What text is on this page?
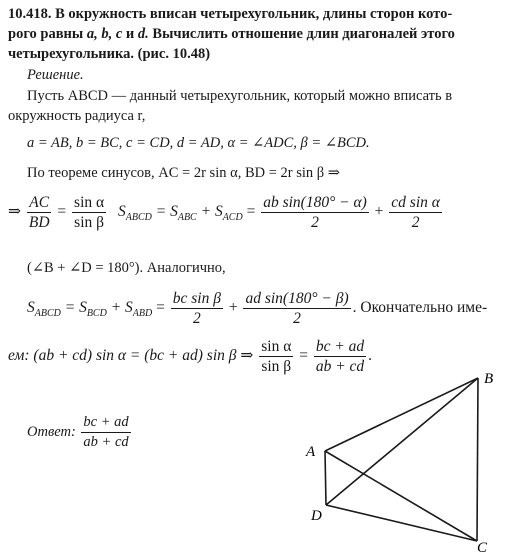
10.418. В окружность вписан четырехугольник, длины сторон кото-
рого равны a, b, c и d. Вычислить отношение длин диагоналей этого
четырехугольника. (рис. 10.48)
Решение.
Пусть ABCD — данный четырехугольник, который можно вписать в
окружность радиуса r,
a = AB, b = BC, c = CD, d = AD, α = ∠ADC, β = ∠BCD.
По теореме синусов, AC = 2r sin α, BD = 2r sin β ⇒
⇒ $\frac{AC}{BD} = \frac{\text{sin α}}{\text{sin β}} S_{ABCD} = S_{ABC} + S_{ACD} = \frac{\text{ab sin(180° − α)}}{2} + \frac{\text{cd sin α}}{2}$
(∠B + ∠D = 180°). Аналогично,
$S_{ABCD} = S_{BCD} + S_{ABD} = \frac{\text{bc sin β}}{2} + \frac{\text{ad sin(180° − β)}}{2}$ . Окончательно име-
ем: (ab + cd) sin α = (bc + ad) sin β ⇒ $\frac{\text{sin α}}{\text{sin β}} = \frac{bc + ad}{ab + cd}$ .
Ответ: $\frac{bc + ad}{ab + cd}$
A
B
C
D
